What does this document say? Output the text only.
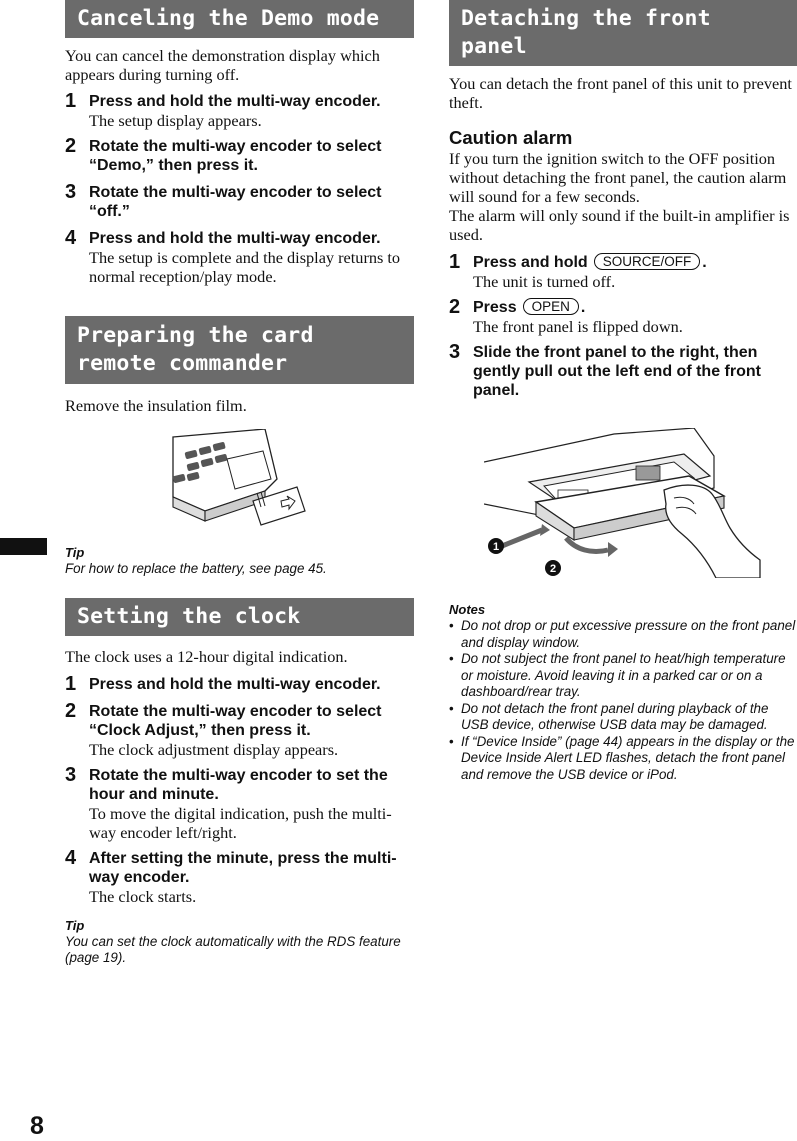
Canceling the Demo mode

You can cancel the demonstration display which appears during turning off.

1 Press and hold the multi-way encoder.
The setup display appears.
2 Rotate the multi-way encoder to select “Demo,” then press it.
3 Rotate the multi-way encoder to select “off.”
4 Press and hold the multi-way encoder.
The setup is complete and the display returns to normal reception/play mode.
Preparing the card remote commander

Remove the insulation film.

Tip

For how to replace the battery, see page 45.

Setting the clock

The clock uses a 12-hour digital indication.

1 Press and hold the multi-way encoder.
2 Rotate the multi-way encoder to select “Clock Adjust,” then press it.
The clock adjustment display appears.
3 Rotate the multi-way encoder to set the hour and minute.
To move the digital indication, push the multi-way encoder left/right.
4 After setting the minute, press the multi-way encoder.
The clock starts.

Tip

You can set the clock automatically with the RDS feature (page 19).

Detaching the front panel

You can detach the front panel of this unit to prevent theft.

Caution alarm

If you turn the ignition switch to the OFF position without detaching the front panel, the caution alarm will sound for a few seconds.

The alarm will only sound if the built-in amplifier is used.

1 Press and hold SOURCE/OFF .
The unit is turned off.
2 Press OPEN .
The front panel is flipped down.
3 Slide the front panel to the right, then gently pull out the left end of the front panel.
1
2

Notes

• Do not drop or put excessive pressure on the front panel and display window.
• Do not subject the front panel to heat/high temperature or moisture. Avoid leaving it in a parked car or on a dashboard/rear tray.
• Do not detach the front panel during playback of the USB device, otherwise USB data may be damaged.
• If “Device Inside” (page 44) appears in the display or the Device Inside Alert LED flashes, detach the front panel and remove the USB device or iPod.
8
